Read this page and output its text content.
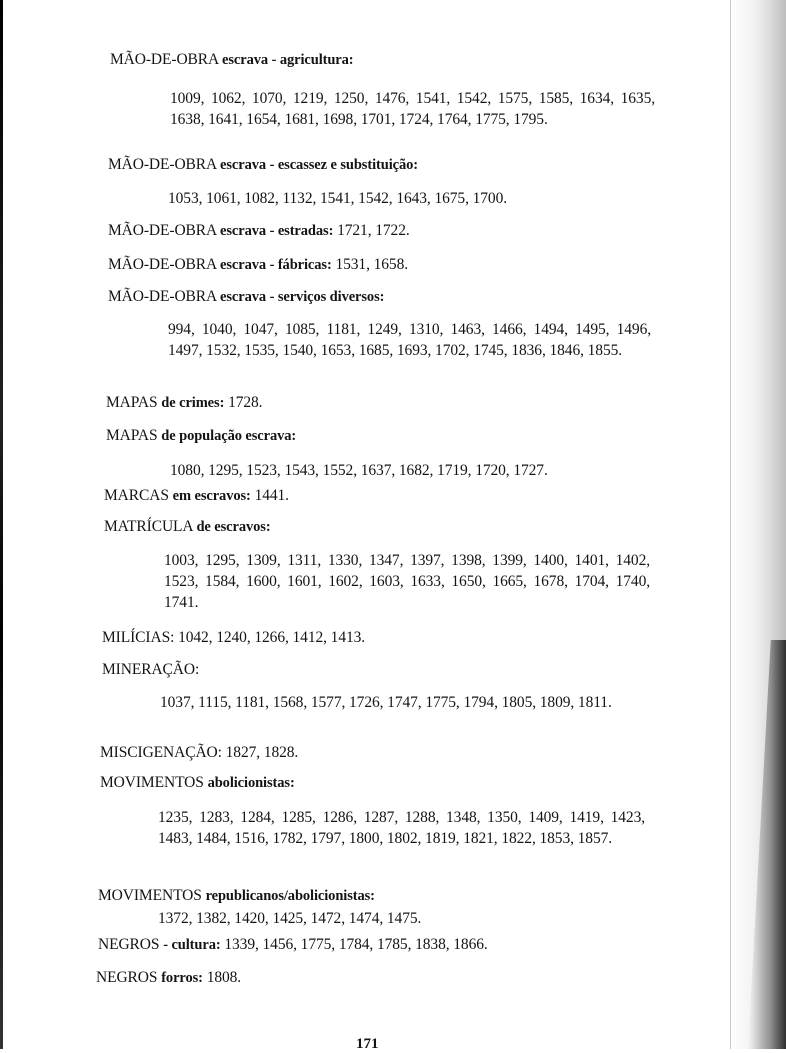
MÃO-DE-OBRA escrava - agricultura:
1009, 1062, 1070, 1219, 1250, 1476, 1541, 1542, 1575, 1585, 1634, 1635, 1638, 1641, 1654, 1681, 1698, 1701, 1724, 1764, 1775, 1795.
MÃO-DE-OBRA escrava - escassez e substituição:
1053, 1061, 1082, 1132, 1541, 1542, 1643, 1675, 1700.
MÃO-DE-OBRA escrava - estradas: 1721, 1722.
MÃO-DE-OBRA escrava - fábricas: 1531, 1658.
MÃO-DE-OBRA escrava - serviços diversos:
994, 1040, 1047, 1085, 1181, 1249, 1310, 1463, 1466, 1494, 1495, 1496, 1497, 1532, 1535, 1540, 1653, 1685, 1693, 1702, 1745, 1836, 1846, 1855.
MAPAS de crimes: 1728.
MAPAS de população escrava:
1080, 1295, 1523, 1543, 1552, 1637, 1682, 1719, 1720, 1727.
MARCAS em escravos: 1441.
MATRÍCULA de escravos:
1003, 1295, 1309, 1311, 1330, 1347, 1397, 1398, 1399, 1400, 1401, 1402, 1523, 1584, 1600, 1601, 1602, 1603, 1633, 1650, 1665, 1678, 1704, 1740, 1741.
MILÍCIAS: 1042, 1240, 1266, 1412, 1413.
MINERAÇÃO:
1037, 1115, 1181, 1568, 1577, 1726, 1747, 1775, 1794, 1805, 1809, 1811.
MISCIGENAÇÃO: 1827, 1828.
MOVIMENTOS abolicionistas:
1235, 1283, 1284, 1285, 1286, 1287, 1288, 1348, 1350, 1409, 1419, 1423, 1483, 1484, 1516, 1782, 1797, 1800, 1802, 1819, 1821, 1822, 1853, 1857.
MOVIMENTOS republicanos/abolicionistas:
1372, 1382, 1420, 1425, 1472, 1474, 1475.
NEGROS - cultura: 1339, 1456, 1775, 1784, 1785, 1838, 1866.
NEGROS forros: 1808.
171
